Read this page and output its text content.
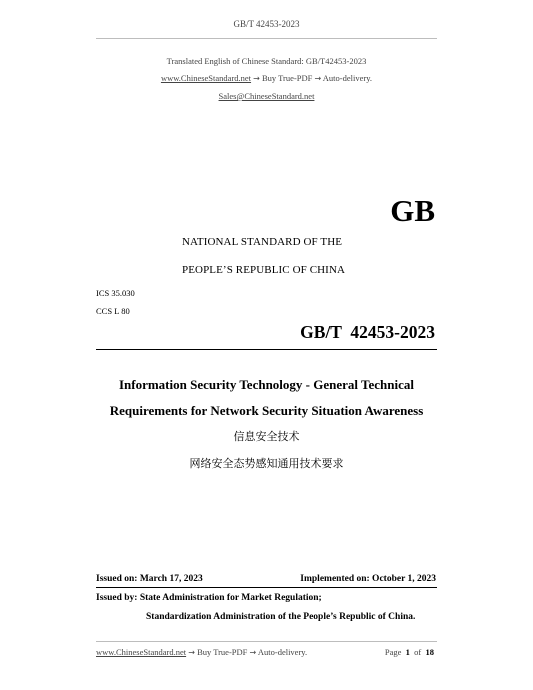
GB/T 42453-2023
Translated English of Chinese Standard: GB/T42453-2023
www.ChineseStandard.net → Buy True-PDF → Auto-delivery.
Sales@ChineseStandard.net
GB
NATIONAL STANDARD OF THE
PEOPLE’S REPUBLIC OF CHINA
ICS 35.030
CCS L 80
GB/T  42453-2023
Information Security Technology - General Technical
Requirements for Network Security Situation Awareness
信息安全技术
网络安全态势感知通用技术要求
Issued on: March 17, 2023	Implemented on: October 1, 2023
Issued by: State Administration for Market Regulation;
Standardization Administration of the People’s Republic of China.
www.ChineseStandard.net → Buy True-PDF → Auto-delivery.	Page 1 of 18
